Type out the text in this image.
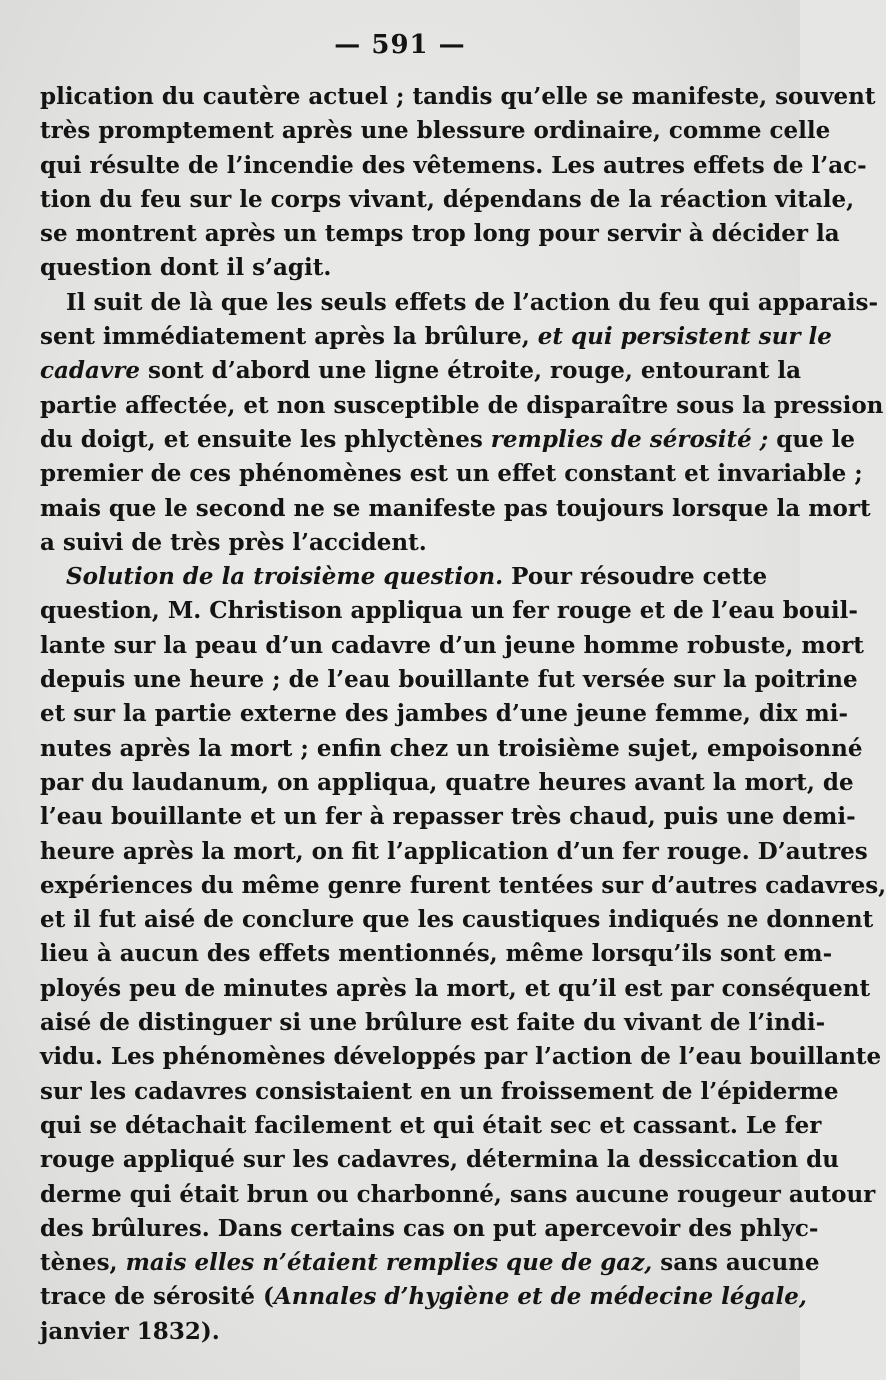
— 591 —
plication du cautère actuel ; tandis qu’elle se manifeste, souvent
très promptement après une blessure ordinaire, comme celle
qui résulte de l’incendie des vêtemens. Les autres effets de l’ac-
tion du feu sur le corps vivant, dépendans de la réaction vitale,
se montrent après un temps trop long pour servir à décider la
question dont il s’agit.
Il suit de là que les seuls effets de l’action du feu qui apparais-
sent immédiatement après la brûlure, et qui persistent sur le
cadavre sont d’abord une ligne étroite, rouge, entourant la
partie affectée, et non susceptible de disparaître sous la pression
du doigt, et ensuite les phlyctènes remplies de sérosité ; que le
premier de ces phénomènes est un effet constant et invariable ;
mais que le second ne se manifeste pas toujours lorsque la mort
a suivi de très près l’accident.
Solution de la troisième question. Pour résoudre cette
question, M. Christison appliqua un fer rouge et de l’eau bouil-
lante sur la peau d’un cadavre d’un jeune homme robuste, mort
depuis une heure ; de l’eau bouillante fut versée sur la poitrine
et sur la partie externe des jambes d’une jeune femme, dix mi-
nutes après la mort ; enfin chez un troisième sujet, empoisonné
par du laudanum, on appliqua, quatre heures avant la mort, de
l’eau bouillante et un fer à repasser très chaud, puis une demi-
heure après la mort, on fit l’application d’un fer rouge. D’autres
expériences du même genre furent tentées sur d’autres cadavres,
et il fut aisé de conclure que les caustiques indiqués ne donnent
lieu à aucun des effets mentionnés, même lorsqu’ils sont em-
ployés peu de minutes après la mort, et qu’il est par conséquent
aisé de distinguer si une brûlure est faite du vivant de l’indi-
vidu. Les phénomènes développés par l’action de l’eau bouillante
sur les cadavres consistaient en un froissement de l’épiderme
qui se détachait facilement et qui était sec et cassant. Le fer
rouge appliqué sur les cadavres, détermina la dessiccation du
derme qui était brun ou charbonné, sans aucune rougeur autour
des brûlures. Dans certains cas on put apercevoir des phlyc-
tènes, mais elles n’étaient remplies que de gaz, sans aucune
trace de sérosité (Annales d’hygiène et de médecine légale,
janvier 1832).
